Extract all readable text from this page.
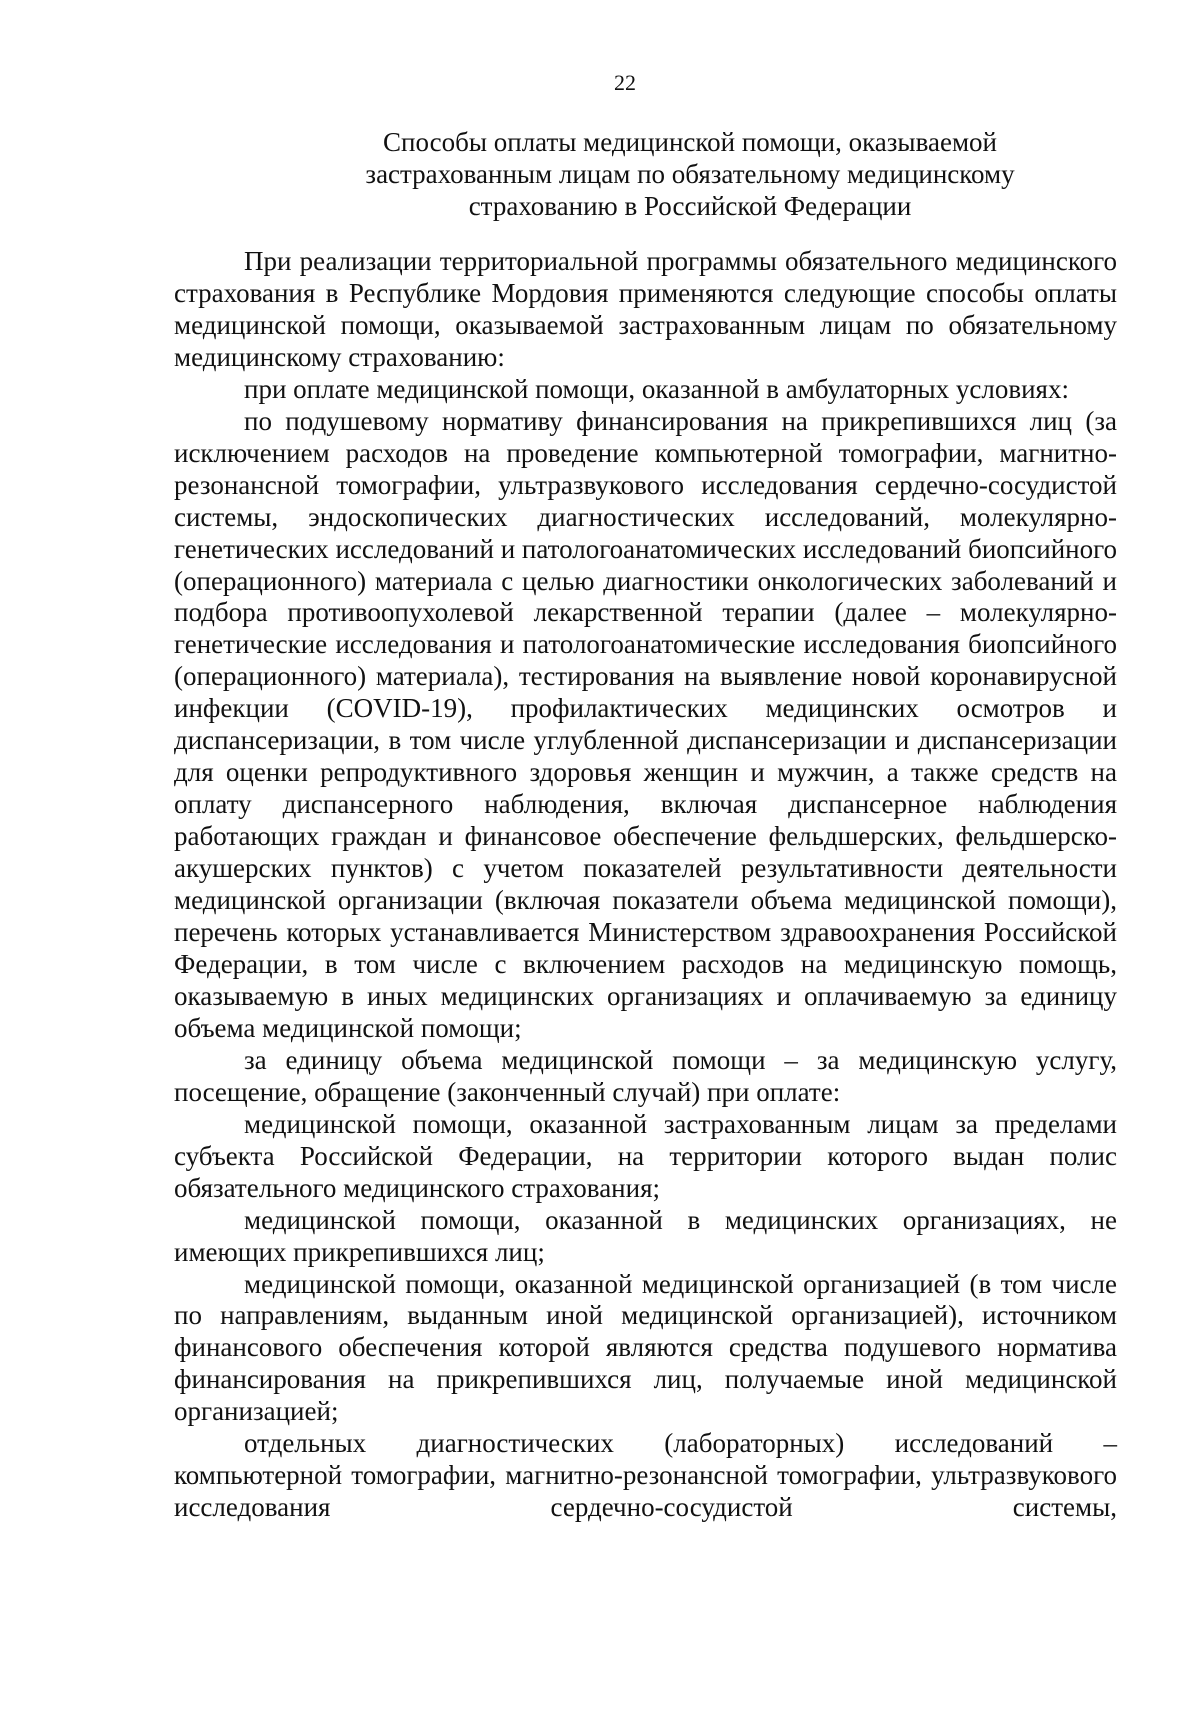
22
Способы оплаты медицинской помощи, оказываемой
застрахованным лицам по обязательному медицинскому
страхованию в Российской Федерации

При реализации территориальной программы обязательного медицинского страхования в Республике Мордовия применяются следующие способы оплаты медицинской помощи, оказываемой застрахованным лицам по обязательному медицинскому страхованию:

при оплате медицинской помощи, оказанной в амбулаторных условиях:

по подушевому нормативу финансирования на прикрепившихся лиц (за исключением расходов на проведение компьютерной томографии, магнитно-резонансной томографии, ультразвукового исследования сердечно-сосудистой системы, эндоскопических диагностических исследований, молекулярно-генетических исследований и патологоанатомических исследований биопсийного (операционного) материала с целью диагностики онкологических заболеваний и подбора противоопухолевой лекарственной терапии (далее – молекулярно-генетические исследования и патологоанатомические исследования биопсийного (операционного) материала), тестирования на выявление новой коронавирусной инфекции (COVID-19), профилактических медицинских осмотров и диспансеризации, в том числе углубленной диспансеризации и диспансеризации для оценки репродуктивного здоровья женщин и мужчин, а также средств на оплату диспансерного наблюдения, включая диспансерное наблюдения работающих граждан и финансовое обеспечение фельдшерских, фельдшерско-акушерских пунктов) с учетом показателей результативности деятельности медицинской организации (включая показатели объема медицинской помощи), перечень которых устанавливается Министерством здравоохранения Российской Федерации, в том числе с включением расходов на медицинскую помощь, оказываемую в иных медицинских организациях и оплачиваемую за единицу объема медицинской помощи;

за единицу объема медицинской помощи – за медицинскую услугу, посещение, обращение (законченный случай) при оплате:

медицинской помощи, оказанной застрахованным лицам за пределами субъекта Российской Федерации, на территории которого выдан полис обязательного медицинского страхования;

медицинской помощи, оказанной в медицинских организациях, не имеющих прикрепившихся лиц;

медицинской помощи, оказанной медицинской организацией (в том числе по направлениям, выданным иной медицинской организацией), источником финансового обеспечения которой являются средства подушевого норматива финансирования на прикрепившихся лиц, получаемые иной медицинской организацией;

отдельных диагностических (лабораторных) исследований – компьютерной томографии, магнитно-резонансной томографии, ультразвукового исследования сердечно-сосудистой системы,
